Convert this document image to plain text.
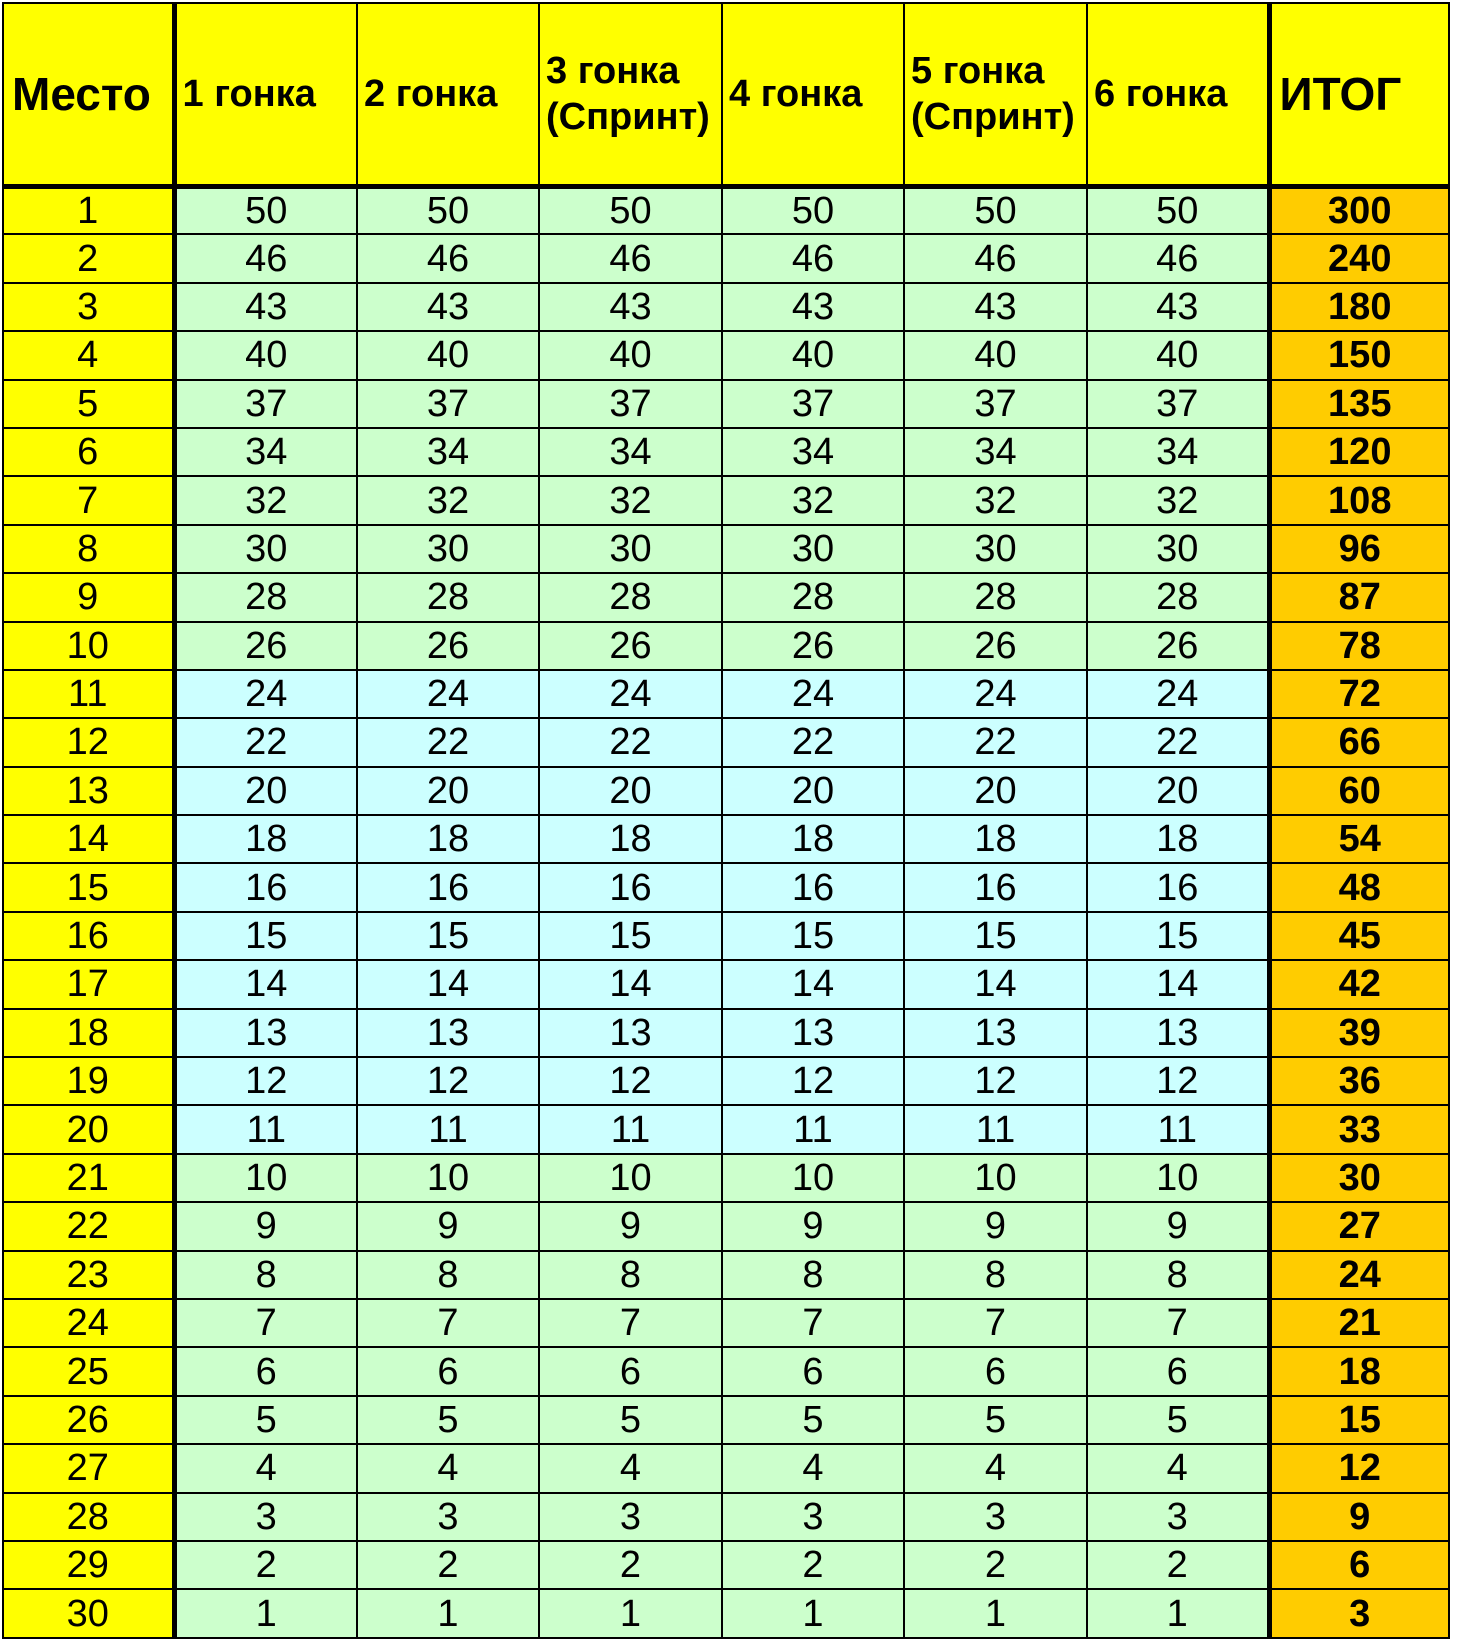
Место	1 гонка	2 гонка	3 гонка (Спринт)	4 гонка	5 гонка (Спринт)	6 гонка	ИТОГ
1	50	50	50	50	50	50	300
2	46	46	46	46	46	46	240
3	43	43	43	43	43	43	180
4	40	40	40	40	40	40	150
5	37	37	37	37	37	37	135
6	34	34	34	34	34	34	120
7	32	32	32	32	32	32	108
8	30	30	30	30	30	30	96
9	28	28	28	28	28	28	87
10	26	26	26	26	26	26	78
11	24	24	24	24	24	24	72
12	22	22	22	22	22	22	66
13	20	20	20	20	20	20	60
14	18	18	18	18	18	18	54
15	16	16	16	16	16	16	48
16	15	15	15	15	15	15	45
17	14	14	14	14	14	14	42
18	13	13	13	13	13	13	39
19	12	12	12	12	12	12	36
20	11	11	11	11	11	11	33
21	10	10	10	10	10	10	30
22	9	9	9	9	9	9	27
23	8	8	8	8	8	8	24
24	7	7	7	7	7	7	21
25	6	6	6	6	6	6	18
26	5	5	5	5	5	5	15
27	4	4	4	4	4	4	12
28	3	3	3	3	3	3	9
29	2	2	2	2	2	2	6
30	1	1	1	1	1	1	3
